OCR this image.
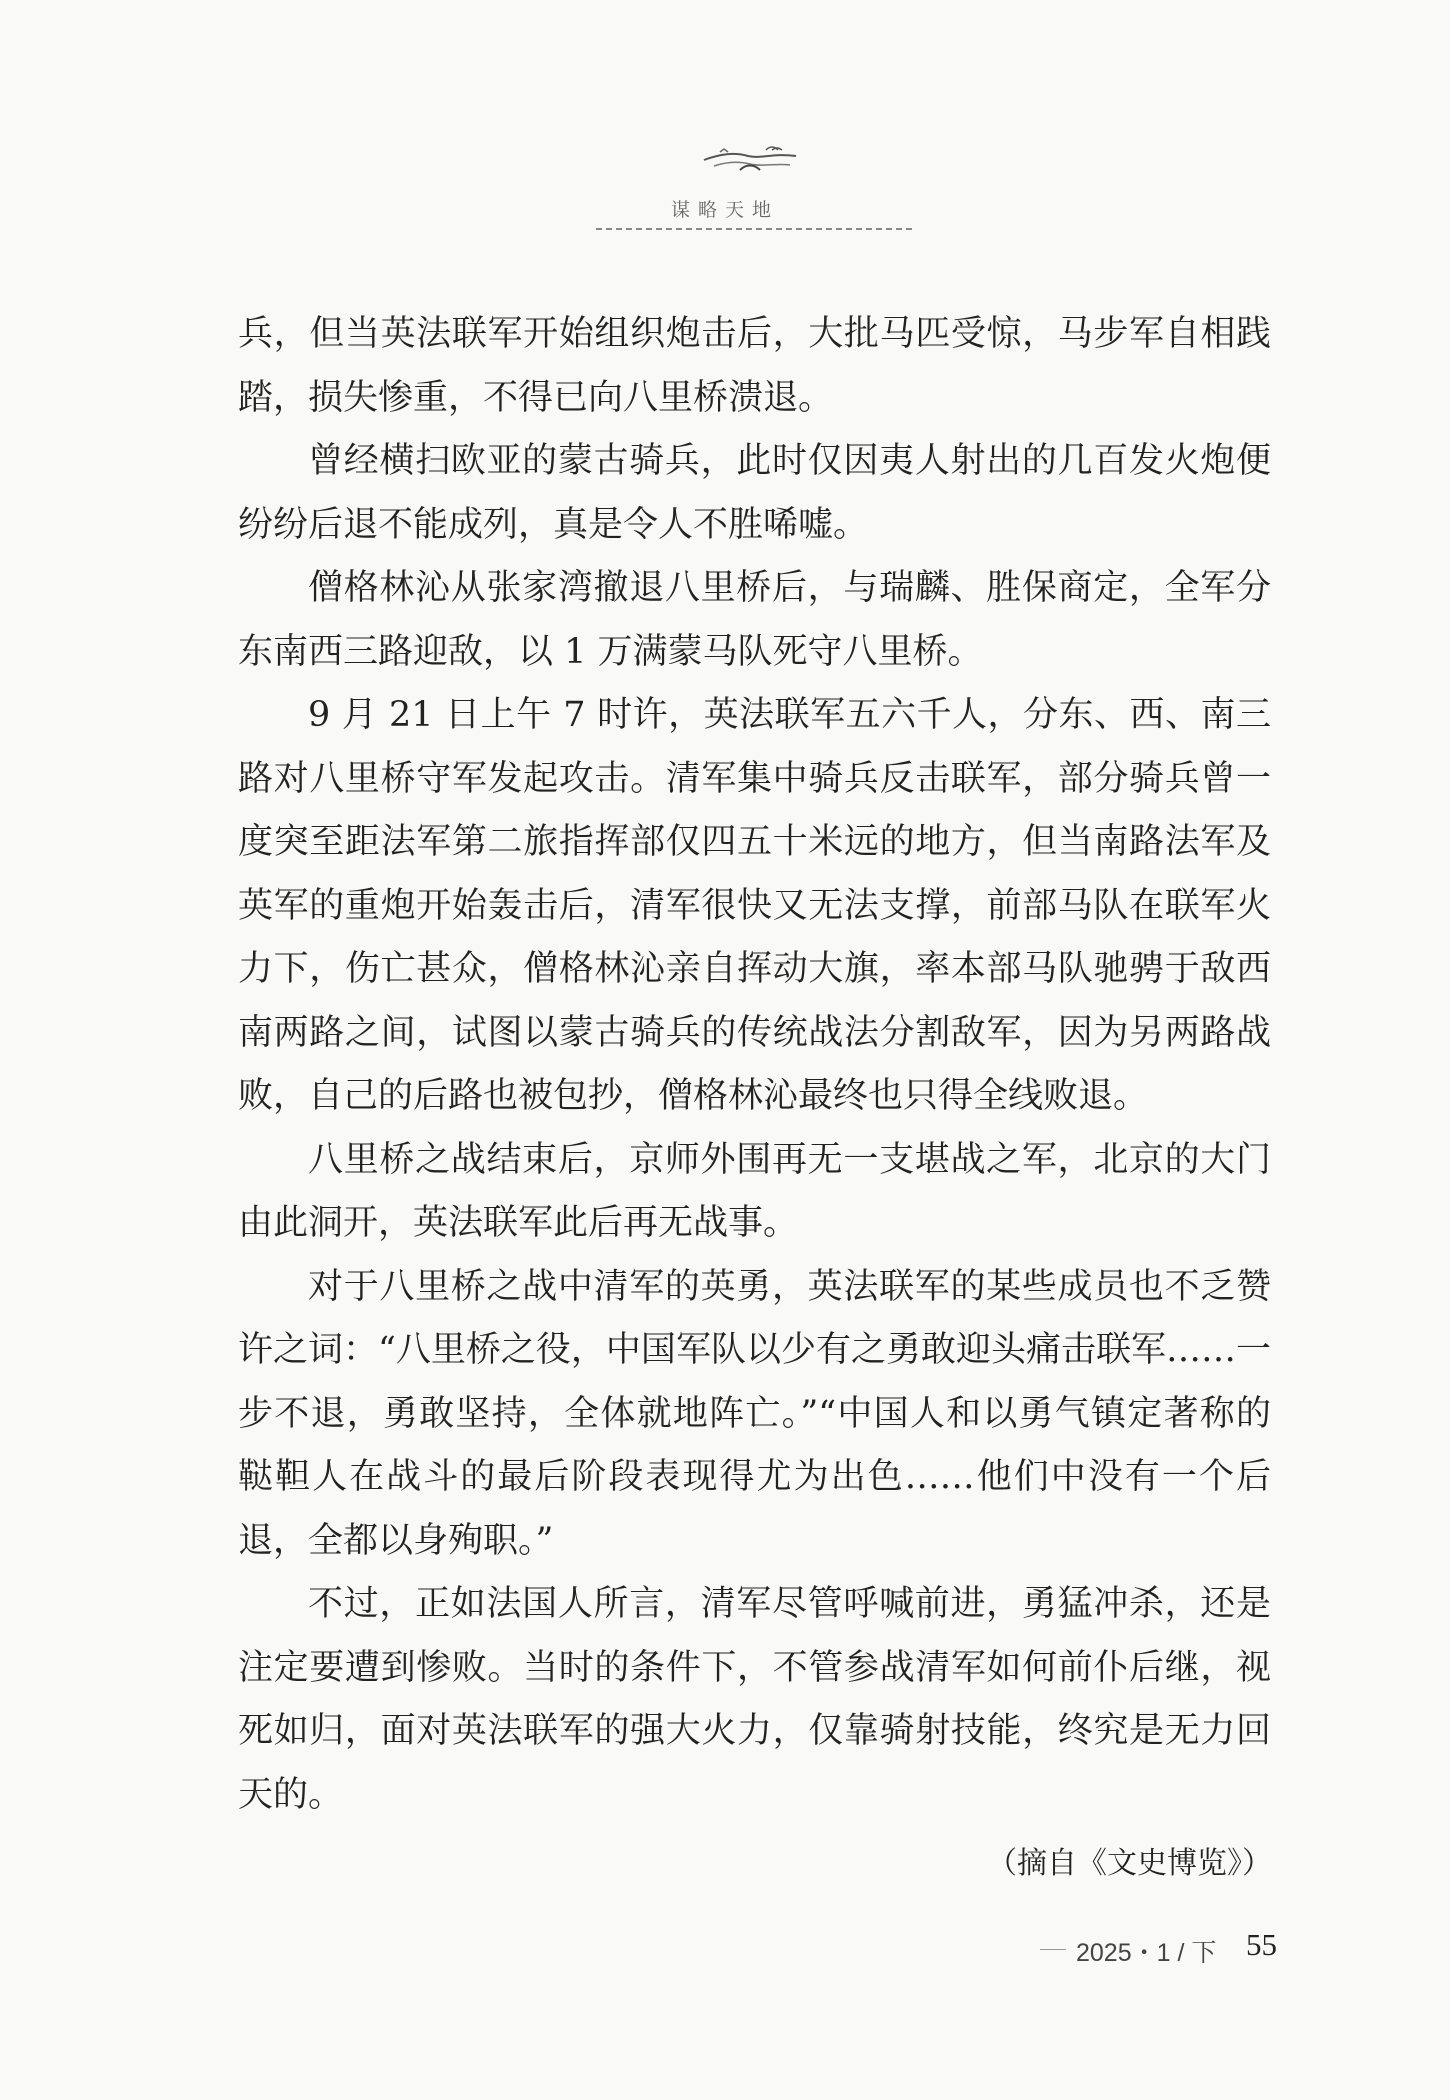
谋略天地

兵，但当英法联军开始组织炮击后，大批马匹受惊，马步军自相践踏，损失惨重，不得已向八里桥溃退。

曾经横扫欧亚的蒙古骑兵，此时仅因夷人射出的几百发火炮便纷纷后退不能成列，真是令人不胜唏嘘。

僧格林沁从张家湾撤退八里桥后，与瑞麟、胜保商定，全军分东南西三路迎敌，以 1 万满蒙马队死守八里桥。

9 月 21 日上午 7 时许，英法联军五六千人，分东、西、南三路对八里桥守军发起攻击。清军集中骑兵反击联军，部分骑兵曾一度突至距法军第二旅指挥部仅四五十米远的地方，但当南路法军及英军的重炮开始轰击后，清军很快又无法支撑，前部马队在联军火力下，伤亡甚众，僧格林沁亲自挥动大旗，率本部马队驰骋于敌西南两路之间，试图以蒙古骑兵的传统战法分割敌军，因为另两路战败，自己的后路也被包抄，僧格林沁最终也只得全线败退。

八里桥之战结束后，京师外围再无一支堪战之军，北京的大门由此洞开，英法联军此后再无战事。

对于八里桥之战中清军的英勇，英法联军的某些成员也不乏赞许之词：“八里桥之役，中国军队以少有之勇敢迎头痛击联军……一步不退，勇敢坚持，全体就地阵亡。”“中国人和以勇气镇定著称的鞑靼人在战斗的最后阶段表现得尤为出色……他们中没有一个后退，全都以身殉职。”

不过，正如法国人所言，清军尽管呼喊前进，勇猛冲杀，还是注定要遭到惨败。当时的条件下，不管参战清军如何前仆后继，视死如归，面对英法联军的强大火力，仅靠骑射技能，终究是无力回天的。

（摘自《文史博览》）
2025・1 / 下 55
